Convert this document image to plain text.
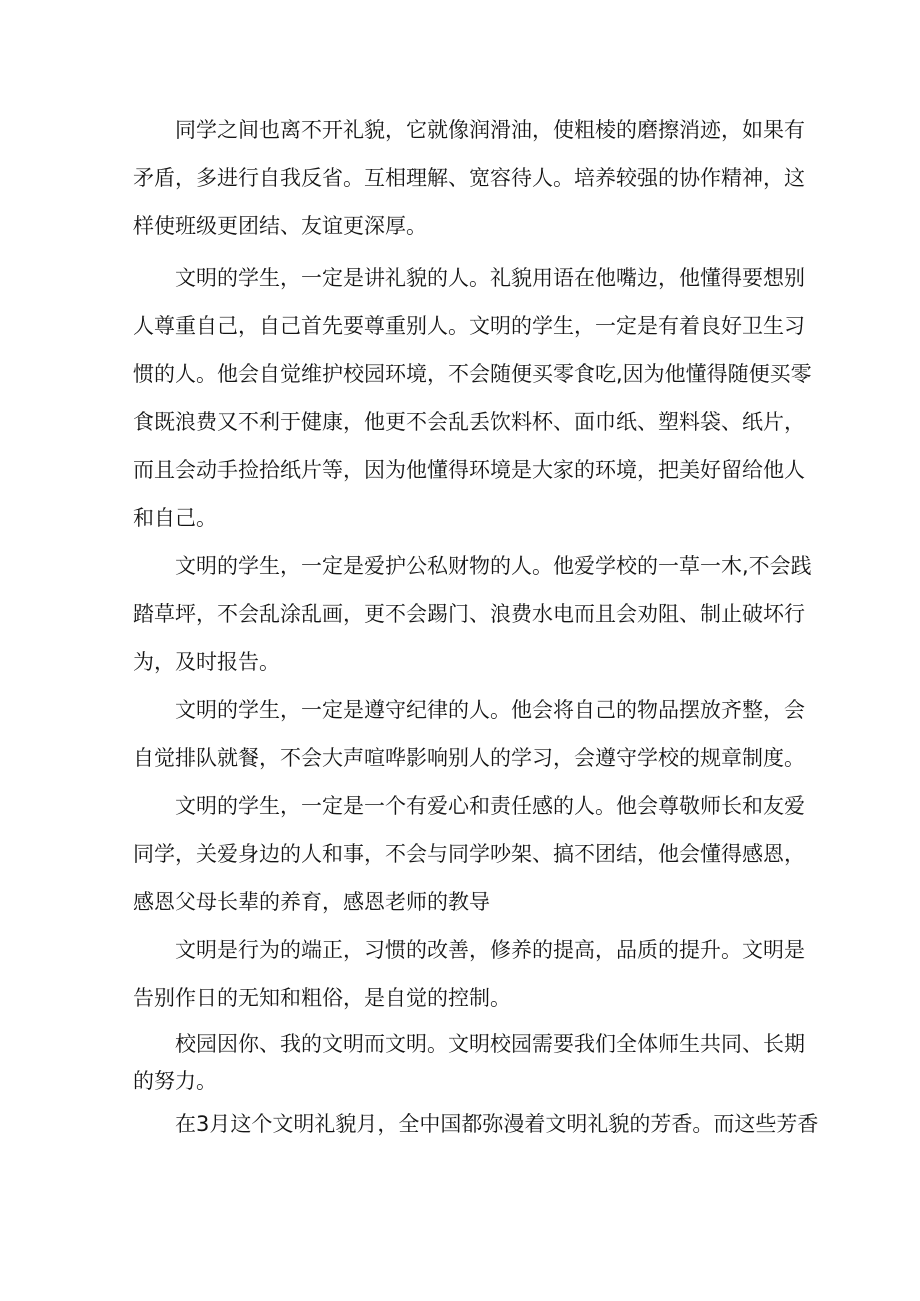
同学之间也离不开礼貌，它就像润滑油，使粗棱的磨擦消迹，如果有
矛盾，多进行自我反省。互相理解、宽容待人。培养较强的协作精神，这
样使班级更团结、友谊更深厚。

文明的学生，一定是讲礼貌的人。礼貌用语在他嘴边，他懂得要想别
人尊重自己，自己首先要尊重别人。文明的学生，一定是有着良好卫生习
惯的人。他会自觉维护校园环境，不会随便买零食吃,因为他懂得随便买零
食既浪费又不利于健康，他更不会乱丢饮料杯、面巾纸、塑料袋、纸片，
而且会动手捡拾纸片等，因为他懂得环境是大家的环境，把美好留给他人
和自己。

文明的学生，一定是爱护公私财物的人。他爱学校的一草一木,不会践
踏草坪，不会乱涂乱画，更不会踢门、浪费水电而且会劝阻、制止破坏行
为，及时报告。

文明的学生，一定是遵守纪律的人。他会将自己的物品摆放齐整，会
自觉排队就餐，不会大声喧哗影响别人的学习，会遵守学校的规章制度。

文明的学生，一定是一个有爱心和责任感的人。他会尊敬师长和友爱
同学，关爱身边的人和事，不会与同学吵架、搞不团结，他会懂得感恩，
感恩父母长辈的养育，感恩老师的教导

文明是行为的端正，习惯的改善，修养的提高，品质的提升。文明是
告别作日的无知和粗俗，是自觉的控制。

校园因你、我的文明而文明。文明校园需要我们全体师生共同、长期
的努力。

在3月这个文明礼貌月，全中国都弥漫着文明礼貌的芳香。而这些芳香
